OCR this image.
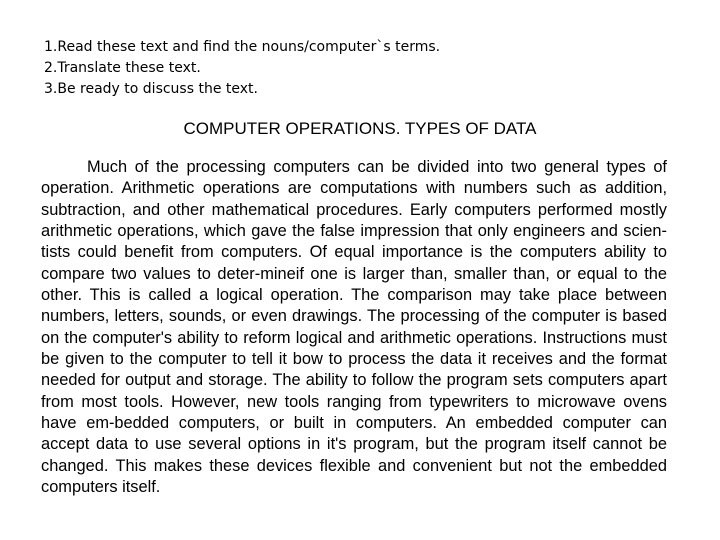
1.Read these text and find the nouns/computer`s terms.
2.Translate these text.
3.Be ready to discuss the text.
COMPUTER OPERATIONS. TYPES OF DATA

Much of the processing computers can be divided into two general types of operation. Arithmetic operations are computations with numbers such as addition, subtraction, and other mathematical procedures. Early computers performed mostly arithmetic operations, which gave the false impression that only engineers and scien-tists could benefit from computers. Of equal importance is the computers ability to compare two values to deter-mineif one is larger than, smaller than, or equal to the other. This is called a logical operation. The comparison may take place between numbers, letters, sounds, or even drawings. The processing of the computer is based on the computer's ability to reform logical and arithmetic operations. Instructions must be given to the computer to tell it bow to process the data it receives and the format needed for output and storage. The ability to follow the program sets computers apart from most tools. However, new tools ranging from typewriters to microwave ovens have em-bedded computers, or built in computers. An embedded computer can accept data to use several options in it's program, but the program itself cannot be changed. This makes these devices flexible and convenient but not the embedded computers itself.
